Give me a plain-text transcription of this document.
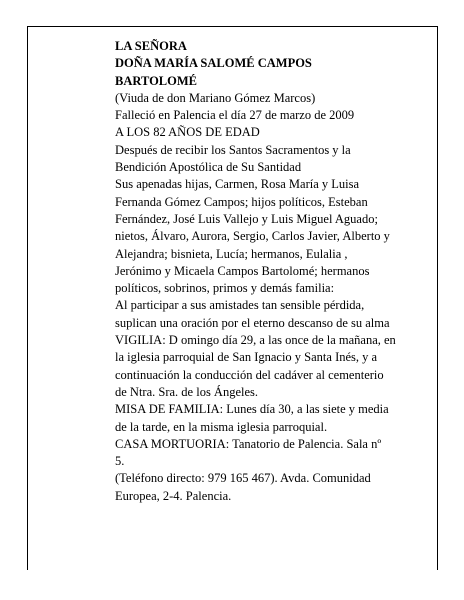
LA SEÑORA
DOÑA MARÍA SALOMÉ CAMPOS
BARTOLOMÉ
(Viuda de don Mariano Gómez Marcos)
Falleció en Palencia el día 27 de marzo de 2009
A LOS 82 AÑOS DE EDAD
Después de recibir los Santos Sacramentos y la
Bendición Apostólica de Su Santidad
Sus apenadas hijas, Carmen, Rosa María y Luisa
Fernanda Gómez Campos; hijos políticos, Esteban
Fernández, José Luis Vallejo y Luis Miguel Aguado;
nietos, Álvaro, Aurora, Sergio, Carlos Javier, Alberto y
Alejandra; bisnieta, Lucía; hermanos, Eulalia ,
Jerónimo y Micaela Campos Bartolomé; hermanos
políticos, sobrinos, primos y demás familia:
Al participar a sus amistades tan sensible pérdida,
suplican una oración por el eterno descanso de su alma
VIGILIA: D omingo día 29, a las once de la mañana, en
la iglesia parroquial de San Ignacio y Santa Inés, y a
continuación la conducción del cadáver al cementerio
de Ntra. Sra. de los Ángeles.
MISA DE FAMILIA: Lunes día 30, a las siete y media
de la tarde, en la misma iglesia parroquial.
CASA MORTUORIA: Tanatorio de Palencia. Sala nº
5.
(Teléfono directo: 979 165 467). Avda. Comunidad
Europea, 2-4. Palencia.
